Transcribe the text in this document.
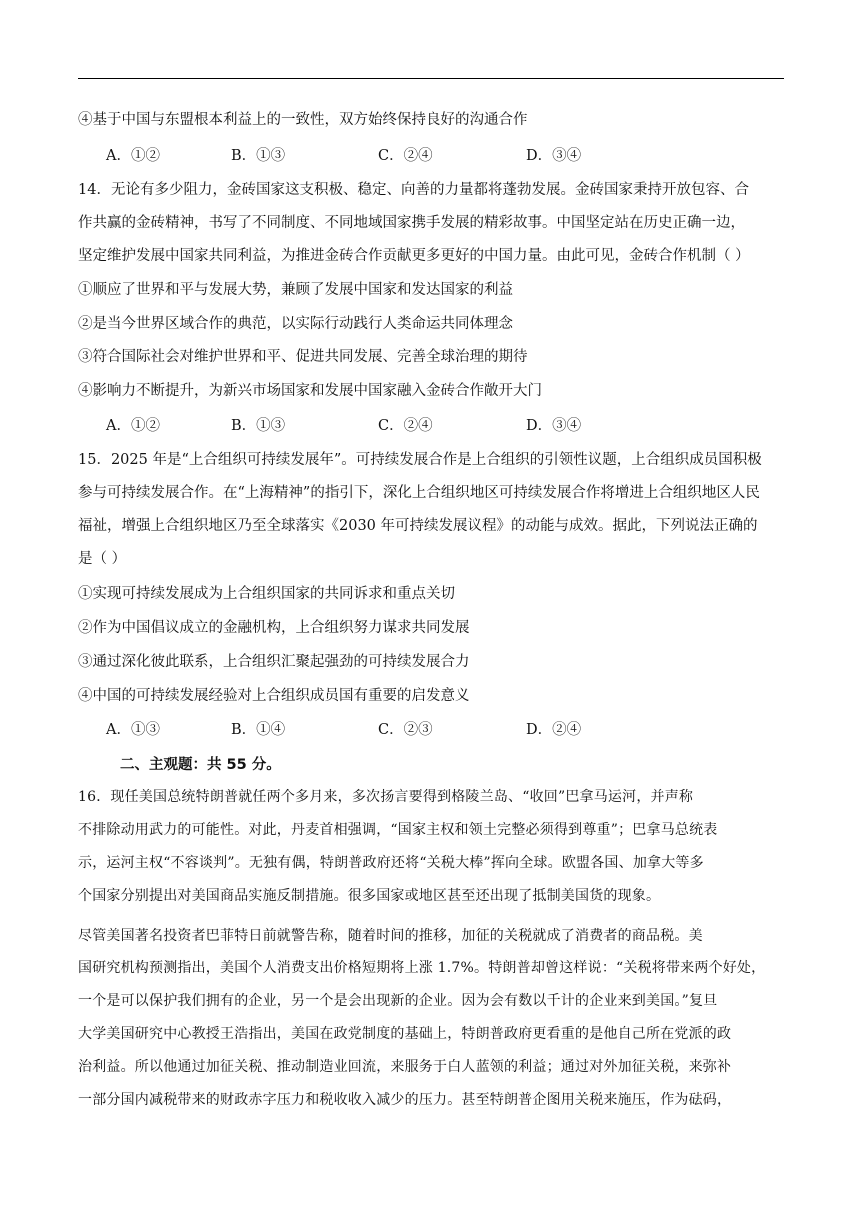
④基于中国与东盟根本利益上的一致性，双方始终保持良好的沟通合作
A．①②	B．①③	C．②④	D．③④
14．无论有多少阻力，金砖国家这支积极、稳定、向善的力量都将蓬勃发展。金砖国家秉持开放包容、合
作共赢的金砖精神，书写了不同制度、不同地域国家携手发展的精彩故事。中国坚定站在历史正确一边，
坚定维护发展中国家共同利益，为推进金砖合作贡献更多更好的中国力量。由此可见，金砖合作机制（ ）
①顺应了世界和平与发展大势，兼顾了发展中国家和发达国家的利益
②是当今世界区域合作的典范，以实际行动践行人类命运共同体理念
③符合国际社会对维护世界和平、促进共同发展、完善全球治理的期待
④影响力不断提升，为新兴市场国家和发展中国家融入金砖合作敞开大门
A．①②	B．①③	C．②④	D．③④
15．2025 年是“上合组织可持续发展年”。可持续发展合作是上合组织的引领性议题，上合组织成员国积极
参与可持续发展合作。在“上海精神”的指引下，深化上合组织地区可持续发展合作将增进上合组织地区人民
福祉，增强上合组织地区乃至全球落实《2030 年可持续发展议程》的动能与成效。据此，下列说法正确的
是（ ）
①实现可持续发展成为上合组织国家的共同诉求和重点关切
②作为中国倡议成立的金融机构，上合组织努力谋求共同发展
③通过深化彼此联系，上合组织汇聚起强劲的可持续发展合力
④中国的可持续发展经验对上合组织成员国有重要的启发意义
A．①③	B．①④	C．②③	D．②④
二、主观题：共 55 分。
16．现任美国总统特朗普就任两个多月来，多次扬言要得到格陵兰岛、“收回”巴拿马运河，并声称
不排除动用武力的可能性。对此，丹麦首相强调，“国家主权和领土完整必须得到尊重”；巴拿马总统表
示，运河主权“不容谈判”。无独有偶，特朗普政府还将“关税大棒”挥向全球。欧盟各国、加拿大等多
个国家分别提出对美国商品实施反制措施。很多国家或地区甚至还出现了抵制美国货的现象。
尽管美国著名投资者巴菲特日前就警告称，随着时间的推移，加征的关税就成了消费者的商品税。美
国研究机构预测指出，美国个人消费支出价格短期将上涨 1.7%。特朗普却曾这样说：“关税将带来两个好处，
一个是可以保护我们拥有的企业，另一个是会出现新的企业。因为会有数以千计的企业来到美国。”复旦
大学美国研究中心教授王浩指出，美国在政党制度的基础上，特朗普政府更看重的是他自己所在党派的政
治利益。所以他通过加征关税、推动制造业回流，来服务于白人蓝领的利益；通过对外加征关税，来弥补
一部分国内减税带来的财政赤字压力和税收收入减少的压力。甚至特朗普企图用关税来施压，作为砝码，
